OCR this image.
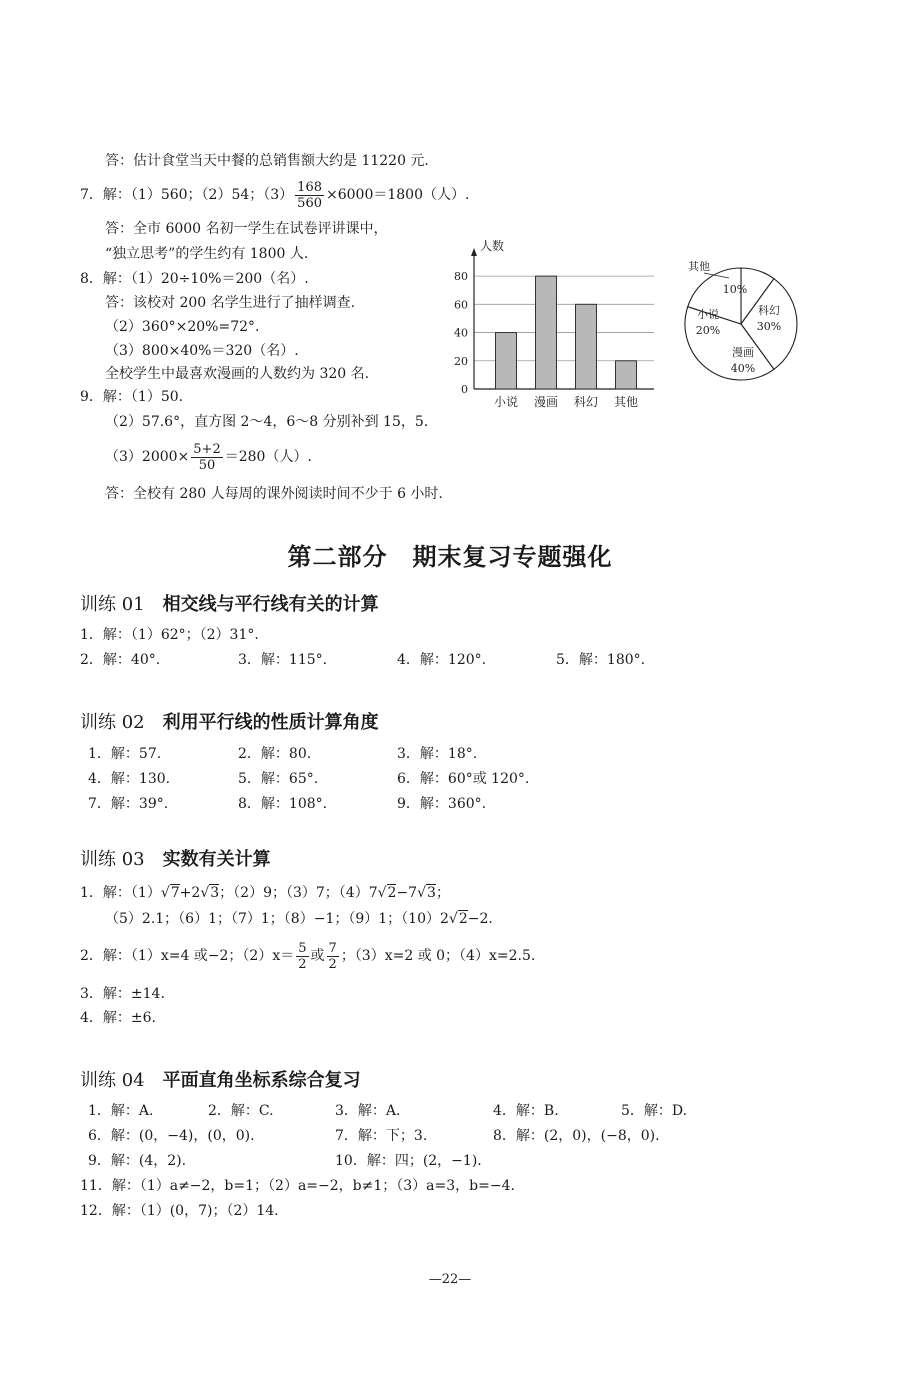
答：估计食堂当天中餐的总销售额大约是 11220 元.
7．解：（1）560；（2）54；$(3) \frac{168}{560} \times 6000=1800$（人）.
答：全市 6000 名初一学生在试卷评讲课中，
“独立思考”的学生约有 1800 人.
8．解：（1）20÷10%＝200（名）.
答：该校对 200 名学生进行了抽样调查.
（2）360°×20%=72°.
（3）800×40%＝320（名）.
全校学生中最喜欢漫画的人数约为 320 名.
9．解：（1）50.
（2）57.6°，直方图 2～4，6～8 分别补到 15，5.
$(3)2000\times \frac{5+2}{50} =280$（人）.
答：全校有 280 人每周的课外阅读时间不少于 6 小时.
0
20
40
60
80
人数
小说 漫画 科幻 其他
其他
10%
科幻
30%
漫画
40%
小说
20%
第二部分　期末复习专题强化
训练 01 相交线与平行线有关的计算
1．解：（1）62°；（2）31°.
2．解：40°.	3．解：115°.	4．解：120°.	5．解：180°.
训练 02 利用平行线的性质计算角度
1．解：57.	2．解：80.	3．解：18°.
4．解：130.	5．解：65°.	6．解：60°或 120°.
7．解：39°.	8．解：108°.	9．解：360°.
训练 03 实数有关计算
1．解：（1）√7+2√3；（2）9；（3）7；（4）7√2−7√3；
（5）2.1；（6）1；（7）1；（8）−1；（9）1；（10）2√2−2.
2．解：（1）x=4 或−2；$(2)x= \frac{5}{2}$ 或 $\frac{7}{2}$ ；（3）x=2 或 0；（4）x=2.5.
3．解：±14.
4．解：±6.
训练 04 平面直角坐标系综合复习
1．解：A.	2．解：C.	3．解：A.	4．解：B.	5．解：D.
6．解：(0，−4)，(0，0).	7．解：下；3.	8．解：(2，0)，(−8，0).
9．解：(4，2).	10．解：四；(2，−1).
11．解：（1）a≠−2，b=1；（2）a=−2，b≠1；（3）a=3，b=−4.
12．解：（1）(0，7)；（2）14.
—22—
